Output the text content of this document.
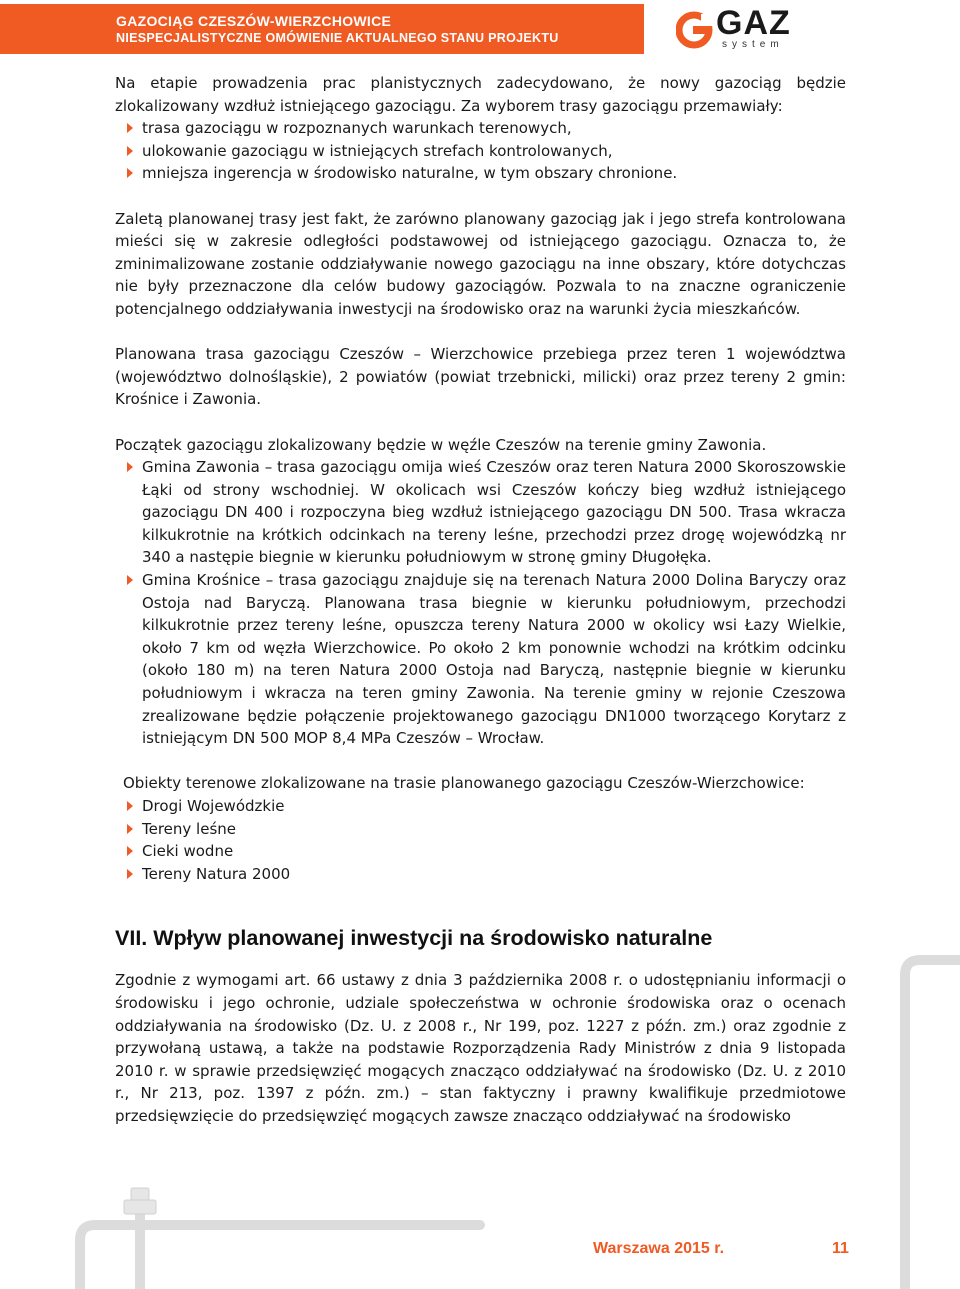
GAZOCIĄG CZESZÓW-WIERZCHOWICE
NIESPECJALISTYCZNE OMÓWIENIE AKTUALNEGO STANU PROJEKTU	GAZ
system

Na etapie prowadzenia prac planistycznych zadecydowano, że nowy gazociąg będzie zlokalizowany wzdłuż istniejącego gazociągu. Za wyborem trasy gazociągu przemawiały:

trasa gazociągu w rozpoznanych warunkach terenowych,
ulokowanie gazociągu w istniejących strefach kontrolowanych,
mniejsza ingerencja w środowisko naturalne, w tym obszary chronione.

Zaletą planowanej trasy jest fakt, że zarówno planowany gazociąg jak i jego strefa kontrolowana mieści się w zakresie odległości podstawowej od istniejącego gazociągu. Oznacza to, że zminimalizowane zostanie oddziaływanie nowego gazociągu na inne obszary, które dotychczas nie były przeznaczone dla celów budowy gazociągów. Pozwala to na znaczne ograniczenie potencjalnego oddziaływania inwestycji na środowisko oraz na warunki życia mieszkańców.

Planowana trasa gazociągu Czeszów – Wierzchowice przebiega przez teren 1 województwa (województwo dolnośląskie), 2 powiatów (powiat trzebnicki, milicki) oraz przez tereny 2 gmin: Krośnice i Zawonia.

Początek gazociągu zlokalizowany będzie w węźle Czeszów na terenie gminy Zawonia.

Gmina Zawonia – trasa gazociągu omija wieś Czeszów oraz teren Natura 2000 Skoroszowskie Łąki od strony wschodniej. W okolicach wsi Czeszów kończy bieg wzdłuż istniejącego gazociągu DN 400 i rozpoczyna bieg wzdłuż istniejącego gazociągu DN 500. Trasa wkracza kilkukrotnie na krótkich odcinkach na tereny leśne, przechodzi przez drogę wojewódzką nr 340 a następie biegnie w kierunku południowym w stronę gminy Długołęka.
Gmina Krośnice – trasa gazociągu znajduje się na terenach Natura 2000 Dolina Baryczy oraz Ostoja nad Baryczą. Planowana trasa biegnie w kierunku południowym, przechodzi kilkukrotnie przez tereny leśne, opuszcza tereny Natura 2000 w okolicy wsi Łazy Wielkie, około 7 km od węzła Wierzchowice. Po około 2 km ponownie wchodzi na krótkim odcinku (około 180 m) na teren Natura 2000 Ostoja nad Baryczą, następnie biegnie w kierunku południowym i wkracza na teren gminy Zawonia. Na terenie gminy w rejonie Czeszowa zrealizowane będzie połączenie projektowanego gazociągu DN1000 tworzącego Korytarz z istniejącym DN 500 MOP 8,4 MPa Czeszów – Wrocław.

Obiekty terenowe zlokalizowane na trasie planowanego gazociągu Czeszów-Wierzchowice:

Drogi Wojewódzkie
Tereny leśne
Cieki wodne
Tereny Natura 2000
VII. Wpływ planowanej inwestycji na środowisko naturalne

Zgodnie z wymogami art. 66 ustawy z dnia 3 października 2008 r. o udostępnianiu informacji o środowisku i jego ochronie, udziale społeczeństwa w ochronie środowiska oraz o ocenach oddziaływania na środowisko (Dz. U. z 2008 r., Nr 199, poz. 1227 z późn. zm.) oraz zgodnie z przywołaną ustawą, a także na podstawie Rozporządzenia Rady Ministrów z dnia 9 listopada 2010 r. w sprawie przedsięwzięć mogących znacząco oddziaływać na środowisko (Dz. U. z 2010 r., Nr 213, poz. 1397 z późn. zm.) – stan faktyczny i prawny kwalifikuje przedmiotowe przedsięwzięcie do przedsięwzięć mogących zawsze znacząco oddziaływać na środowisko

Warszawa 2015 r.	11
